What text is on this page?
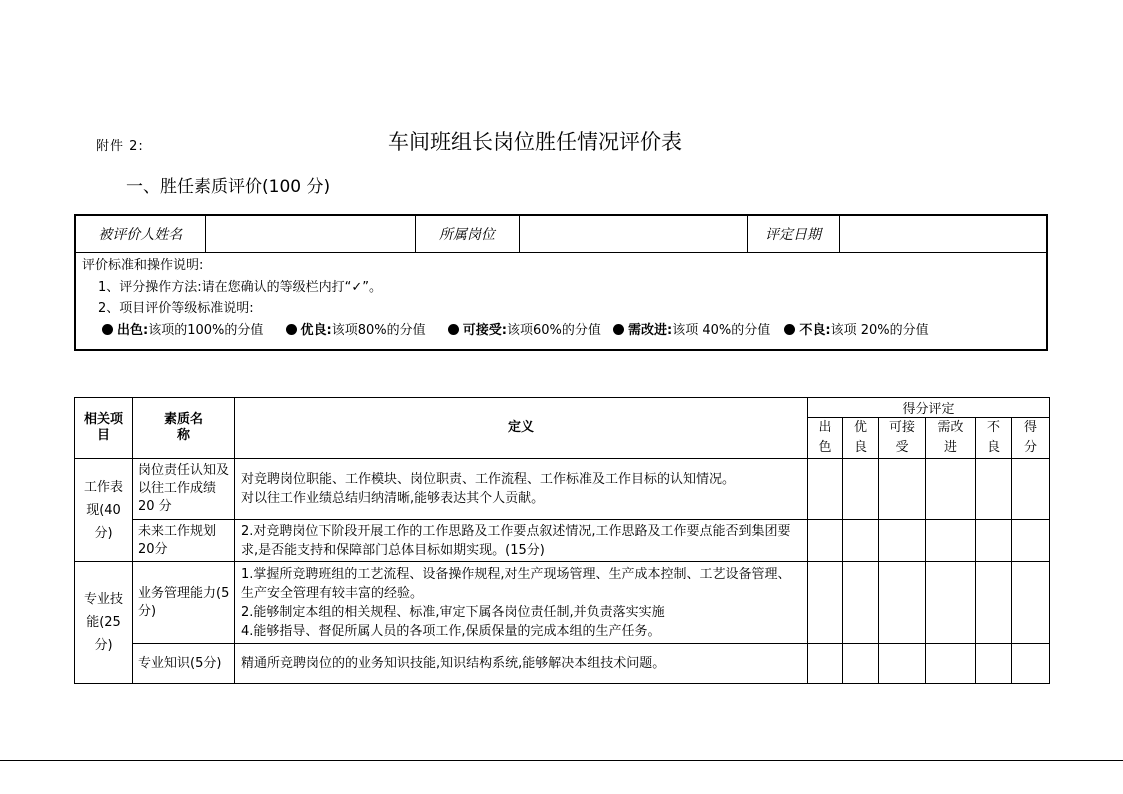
附件 2:	车间班组长岗位胜任情况评价表
一、胜任素质评价(100 分)
被评价人姓名		所属岗位		评定日期	

评价标准和操作说明:
1、评分操作方法:请在您确认的等级栏内打“✓”。
2、项目评价等级标准说明:
出色:该项的100%的分值	优良:该项80%的分值	可接受:该项60%的分值 需改进:该项 40%的分值 不良:该项 20%的分值
相关项目	素质名称	定义	得分评定					
			出色	优良	可接受	需改进	不良	得分
工作表现(40分)	岗位责任认知及以往工作成绩 20 分	对竞聘岗位职能、工作模块、岗位职责、工作流程、工作标准及工作目标的认知情况。
对以往工作业绩总结归纳清晰,能够表达其个人贡献。						

	未来工作规划 20分	2.对竞聘岗位下阶段开展工作的工作思路及工作要点叙述情况,工作思路及工作要点能否到集团要求,是否能支持和保障部门总体目标如期实现。(15分)						

专业技能(25分)	业务管理能力(5分)	1.掌握所竞聘班组的工艺流程、设备操作规程,对生产现场管理、生产成本控制、工艺设备管理、生产安全管理有较丰富的经验。
2.能够制定本组的相关规程、标准,审定下属各岗位责任制,并负责落实实施
4.能够指导、督促所属人员的各项工作,保质保量的完成本组的生产任务。						

	专业知识(5分)	精通所竞聘岗位的的业务知识技能,知识结构系统,能够解决本组技术问题。						
